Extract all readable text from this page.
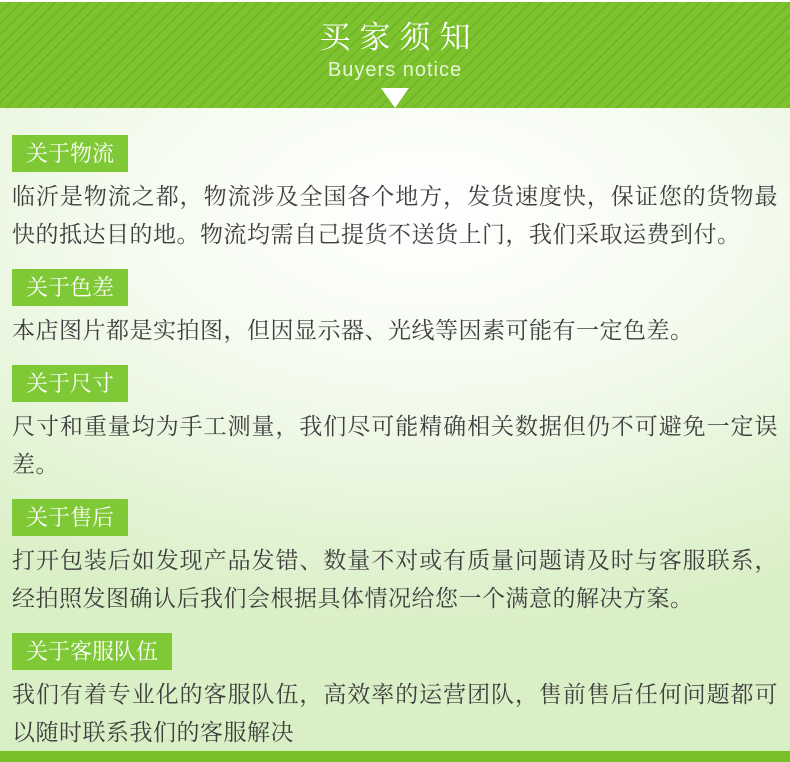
买家须知
Buyers notice
关于物流

临沂是物流之都，物流涉及全国各个地方，发货速度快，保证您的货物最快的抵达目的地。物流均需自己提货不送货上门，我们采取运费到付。

关于色差

本店图片都是实拍图，但因显示器、光线等因素可能有一定色差。

关于尺寸

尺寸和重量均为手工测量，我们尽可能精确相关数据但仍不可避免一定误差。

关于售后

打开包装后如发现产品发错、数量不对或有质量问题请及时与客服联系，经拍照发图确认后我们会根据具体情况给您一个满意的解决方案。

关于客服队伍

我们有着专业化的客服队伍，高效率的运营团队，售前售后任何问题都可以随时联系我们的客服解决
